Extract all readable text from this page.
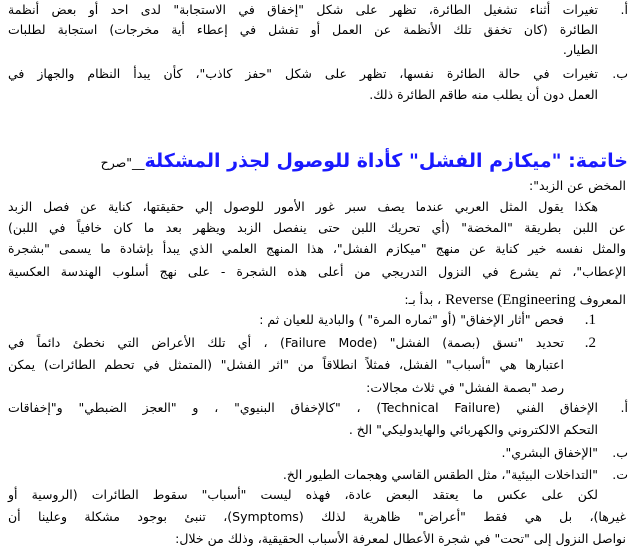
أ.
تغيرات أثناء تشغيل الطائرة، تظهر على شكل "إخفاق في الاستجابة" لدى احد أو بعض أنظمة
الطائرة (كان تخفق تلك الأنظمة عن العمل أو تفشل في إعطاء أية مخرجات) استجابة لطلبات
الطيار.
ب.
تغيرات في حالة الطائرة نفسها، تظهر على شكل "حفز كاذب"، كأن يبدأ النظام والجهاز في
العمل دون أن يطلب منه طاقم الطائرة ذلك.
خاتمة: "ميكازم الفشل" كأداة للوصول لجذر المشكلة__"صرح
المخض عن الزبد":
هكذا يقول المثل العربي عندما يصف سبر غور الأمور للوصول إلي حقيقتها، كناية عن فصل الزبد
عن اللبن بطريقة "المخضة" (أي تحريك اللبن حتى ينفصل الزبد ويظهر بعد ما كان خافياً في اللبن)
والمثل نفسه خير كناية عن منهج "ميكازم الفشل"، هذا المنهج العلمي الذي يبدأ بإشادة ما يسمى "بشجرة
الإعطاب"، ثم يشرع في النزول التدريجي من أعلى هذه الشجرة - على نهج أسلوب الهندسة العكسية
المعروف Reverse (Engineering ، بدأ بـ:
1.
فحص "أثار الإخفاق" (أو "ثماره المرة" ) والبادية للعيان ثم :
2.
تحديد "نسق (بصمة) الفشل" (Failure Mode) ، أي تلك الأعراض التي نخطئ دائماً في
اعتبارها هي "أسباب" الفشل، فمثلاً انطلاقاً من "اثر الفشل" (المتمثل في تحطم الطائرات) يمكن
رصد "بصمة الفشل" في ثلاث مجالات:
أ.
الإخفاق الفني (Technical Failure) ، "كالإخفاق البنيوي" ، و "العجز الضبطي" و"إخفاقات
التحكم الالكتروني والكهربائي والهايدوليكي" الخ .
ب.
"الإخفاق البشري".
ت.
"التداخلات البيئية"، مثل الطقس القاسي وهجمات الطيور الخ.
لكن على عكس ما يعتقد البعض عادة، فهذه ليست "أسباب" سقوط الطائرات (الروسية أو
غيرها)، بل هي فقط "أعراض" ظاهرية لذلك (Symptoms)، تنبئ بوجود مشكلة وعلينا أن
نواصل النزول إلى "تحت" في شجرة الأعطال لمعرفة الأسباب الحقيقية، وذلك من خلال:
